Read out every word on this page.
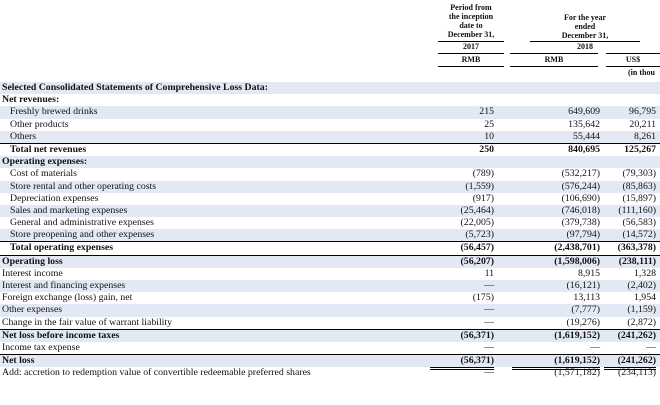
Period from
the inception
date to
December 31,
For the year
ended
December 31,
2017	2018
RMB	RMB	US$
(in thou
Selected Consolidated Statements of Comprehensive Loss Data:
Net revenues:
Freshly brewed drinks	215	649,609	96,795
Other products	25	135,642	20,211
Others	10	55,444	8,261
Total net revenues	250	840,695	125,267
Operating expenses:
Cost of materials	(789)	(532,217)	(79,303)
Store rental and other operating costs	(1,559)	(576,244)	(85,863)
Depreciation expenses	(917)	(106,690)	(15,897)
Sales and marketing expenses	(25,464)	(746,018)	(111,160)
General and administrative expenses	(22,005)	(379,738)	(56,583)
Store preopening and other expenses	(5,723)	(97,794)	(14,572)
Total operating expenses	(56,457)	(2,438,701)	(363,378)
Operating loss	(56,207)	(1,598,006)	(238,111)
Interest income	11	8,915	1,328
Interest and financing expenses	—	(16,121)	(2,402)
Foreign exchange (loss) gain, net	(175)	13,113	1,954
Other expenses	—	(7,777)	(1,159)
Change in the fair value of warrant liability	—	(19,276)	(2,872)
Net loss before income taxes	(56,371)	(1,619,152)	(241,262)
Income tax expense	—	—	—
Net loss	(56,371)	(1,619,152)	(241,262)
Add: accretion to redemption value of convertible redeemable preferred shares	—	(1,571,182)	(234,113)
